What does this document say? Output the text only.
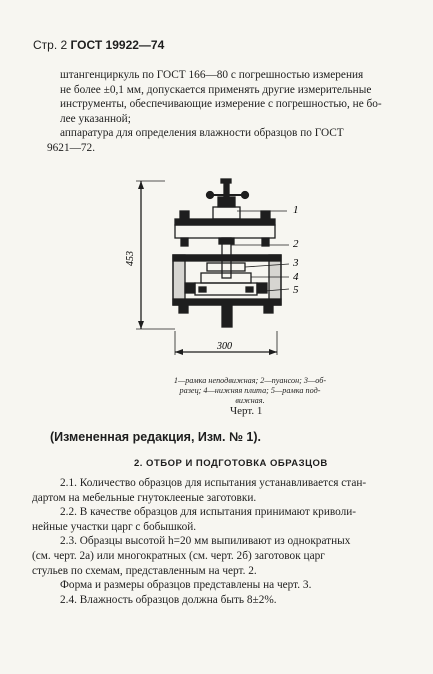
Стр. 2 ГОСТ 19922—74
штангенциркуль по ГОСТ 166—80 с погрешностью измерения
не более ±0,1 мм, допускается применять другие измерительные
инструменты, обеспечивающие измерение с погрешностью, не бо-
лее указанной;
аппаратура для определения влажности образцов по ГОСТ
9621—72.
453
300
1
2
3
4
5
1—рамка неподвижная; 2—пуансон; 3—об-
разец; 4—нижняя плита; 5—рамка под-
вижная.
Черт. 1
(Измененная редакция, Изм. № 1).
2. ОТБОР И ПОДГОТОВКА ОБРАЗЦОВ
2.1. Количество образцов для испытания устанавливается стан-
дартом на мебельные гнутоклееные заготовки.
2.2. В качестве образцов для испытания принимают криволи-
нейные участки царг с бобышкой.
2.3. Образцы высотой h=20 мм выпиливают из однократных
(см. черт. 2а) или многократных (см. черт. 2б) заготовок царг
стульев по схемам, представленным на черт. 2.
Форма и размеры образцов представлены на черт. 3.
2.4. Влажность образцов должна быть 8±2%.
